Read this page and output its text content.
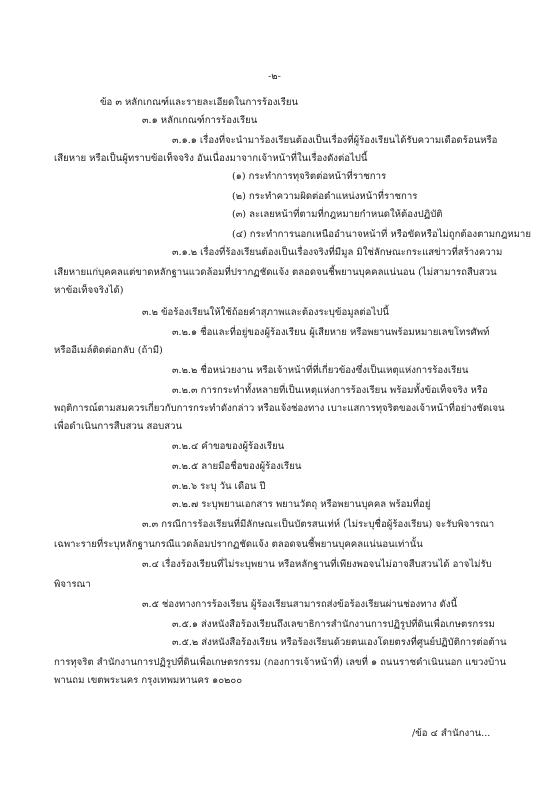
-๒-
ข้อ ๓ หลักเกณฑ์และรายละเอียดในการร้องเรียน
๓.๑ หลักเกณฑ์การร้องเรียน
๓.๑.๑ เรื่องที่จะนำมาร้องเรียนต้องเป็นเรื่องที่ผู้ร้องเรียนได้รับความเดือดร้อนหรือ
เสียหาย หรือเป็นผู้ทราบข้อเท็จจริง อันเนื่องมาจากเจ้าหน้าที่ในเรื่องดังต่อไปนี้
(๑) กระทำการทุจริตต่อหน้าที่ราชการ
(๒) กระทำความผิดต่อตำแหน่งหน้าที่ราชการ
(๓) ละเลยหน้าที่ตามที่กฎหมายกำหนดให้ต้องปฏิบัติ
(๔) กระทำการนอกเหนืออำนาจหน้าที่ หรือขัดหรือไม่ถูกต้องตามกฎหมาย
๓.๑.๒ เรื่องที่ร้องเรียนต้องเป็นเรื่องจริงที่มีมูล มิใช่ลักษณะกระแสข่าวที่สร้างความ
เสียหายแก่บุคคลแต่ขาดหลักฐานแวดล้อมที่ปรากฏชัดแจ้ง ตลอดจนชี้พยานบุคคลแน่นอน (ไม่สามารถสืบสวน
หาข้อเท็จจริงได้)
๓.๒ ข้อร้องเรียนให้ใช้ถ้อยคำสุภาพและต้องระบุข้อมูลต่อไปนี้
๓.๒.๑ ชื่อและที่อยู่ของผู้ร้องเรียน ผู้เสียหาย หรือพยานพร้อมหมายเลขโทรศัพท์
หรืออีเมล์ติดต่อกลับ (ถ้ามี)
๓.๒.๒ ชื่อหน่วยงาน หรือเจ้าหน้าที่ที่เกี่ยวข้องซึ่งเป็นเหตุแห่งการร้องเรียน
๓.๒.๓ การกระทำทั้งหลายที่เป็นเหตุแห่งการร้องเรียน พร้อมทั้งข้อเท็จจริง หรือ
พฤติการณ์ตามสมควรเกี่ยวกับการกระทำดังกล่าว หรือแจ้งช่องทาง เบาะแสการทุจริตของเจ้าหน้าที่อย่างชัดเจน
เพื่อดำเนินการสืบสวน สอบสวน
๓.๒.๔ คำขอของผู้ร้องเรียน
๓.๒.๕ ลายมือชื่อของผู้ร้องเรียน
๓.๒.๖ ระบุ วัน เดือน ปี
๓.๒.๗ ระบุพยานเอกสาร พยานวัตถุ หรือพยานบุคคล พร้อมที่อยู่
๓.๓ กรณีการร้องเรียนที่มีลักษณะเป็นบัตรสนเท่ห์ (ไม่ระบุชื่อผู้ร้องเรียน) จะรับพิจารณา
เฉพาะรายที่ระบุหลักฐานกรณีแวดล้อมปรากฏชัดแจ้ง ตลอดจนชี้พยานบุคคลแน่นอนเท่านั้น
๓.๔ เรื่องร้องเรียนที่ไม่ระบุพยาน หรือหลักฐานที่เพียงพอจนไม่อาจสืบสวนได้ อาจไม่รับ
พิจารณา
๓.๕ ช่องทางการร้องเรียน ผู้ร้องเรียนสามารถส่งข้อร้องเรียนผ่านช่องทาง ดังนี้
๓.๕.๑ ส่งหนังสือร้องเรียนถึงเลขาธิการสำนักงานการปฏิรูปที่ดินเพื่อเกษตรกรรม
๓.๕.๒ ส่งหนังสือร้องเรียน หรือร้องเรียนด้วยตนเองโดยตรงที่ศูนย์ปฏิบัติการต่อต้าน
การทุจริต สำนักงานการปฏิรูปที่ดินเพื่อเกษตรกรรม (กองการเจ้าหน้าที่) เลขที่ ๑ ถนนราชดำเนินนอก แขวงบ้าน
พานถม เขตพระนคร กรุงเทพมหานคร ๑๐๒๐๐
/ข้อ ๔ สำนักงาน...
